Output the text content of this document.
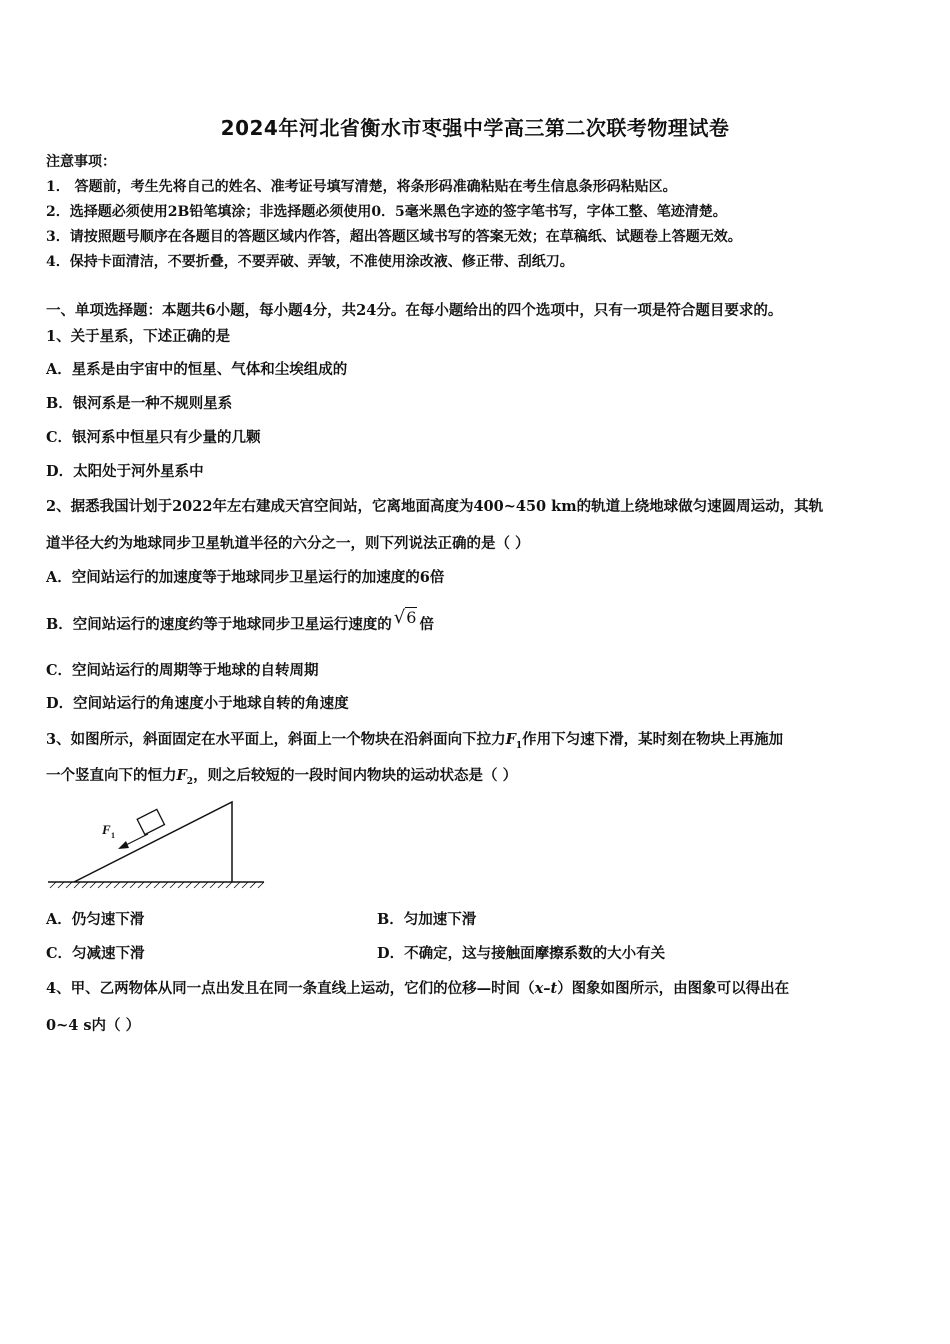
2024年河北省衡水市枣强中学高三第二次联考物理试卷
注意事项：
1． 答题前，考生先将自己的姓名、准考证号填写清楚，将条形码准确粘贴在考生信息条形码粘贴区。
2．选择题必须使用2B铅笔填涂；非选择题必须使用0．5毫米黑色字迹的签字笔书写，字体工整、笔迹清楚。
3．请按照题号顺序在各题目的答题区域内作答，超出答题区域书写的答案无效；在草稿纸、试题卷上答题无效。
4．保持卡面清洁，不要折叠，不要弄破、弄皱，不准使用涂改液、修正带、刮纸刀。
一、单项选择题：本题共6小题，每小题4分，共24分。在每小题给出的四个选项中，只有一项是符合题目要求的。
1、关于星系，下述正确的是
A．星系是由宇宙中的恒星、气体和尘埃组成的
B．银河系是一种不规则星系
C．银河系中恒星只有少量的几颗
D．太阳处于河外星系中
2、据悉我国计划于2022年左右建成天宫空间站，它离地面高度为400~450 km的轨道上绕地球做匀速圆周运动，其轨
道半径大约为地球同步卫星轨道半径的六分之一，则下列说法正确的是（ ）
A．空间站运行的加速度等于地球同步卫星运行的加速度的6倍
B．空间站运行的速度约等于地球同步卫星运行速度的 √6 倍
C．空间站运行的周期等于地球的自转周期
D．空间站运行的角速度小于地球自转的角速度
3、如图所示，斜面固定在水平面上，斜面上一个物块在沿斜面向下拉力$F_1$作用下匀速下滑，某时刻在物块上再施加
一个竖直向下的恒力$F_2$，则之后较短的一段时间内物块的运动状态是（ ）
F 1
A．仍匀速下滑	B．匀加速下滑
C．匀减速下滑	D．不确定，这与接触面摩擦系数的大小有关
4、甲、乙两物体从同一点出发且在同一条直线上运动，它们的位移—时间（x–t）图象如图所示，由图象可以得出在
0~4 s内（ ）
